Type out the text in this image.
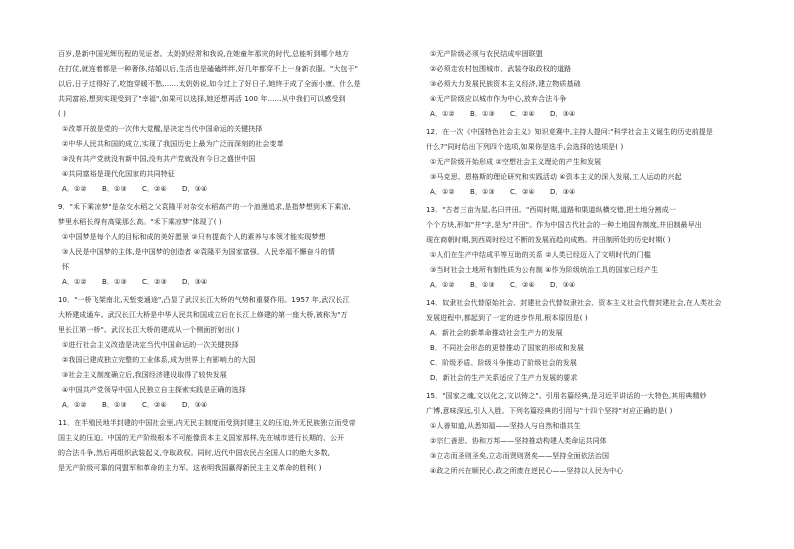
百岁,是新中国光辉历程的见证者。太奶奶经常和我说,在她童年那灾的时代,总能听到哪个地方
在打仗,就连着都是一种奢侈,结婚以后,生活也是磕磕绊绊,好几年都穿不上一身新衣服。"大包干"
以后,日子过得好了,吃饱穿暖不愁,……太奶奶说,如今过上了好日子,她终于成了全面小康、什么是
共同富裕,想到实现受到了"幸福",如果可以选择,她还想再活 100 年……从中我们可以感受到
( )
①改革开放是党的一次伟大觉醒,是决定当代中国命运的关键抉择
②中华人民共和国的成立,实现了我国历史上最为广泛而深刻的社会变革
③没有共产党就没有新中国,没有共产党就没有今日之盛世中国
④共同富裕是现代化国家的共同特征
A．①②	B．①③	C．②④	D．③④
9．"禾下乘凉梦"是杂交水稻之父袁隆平对杂交水稻高产的一个浪漫追求,是指梦想到禾下乘凉,
梦里水稻长得有高粱那么高。"禾下乘凉梦"体现了( )
①中国梦是每个人的目标和成的美好愿景 ②只有提高个人的素养与本领才能实现梦想
③人民是中国梦的主体,是中国梦的创造者 ④袁隆平为国家富强、人民幸福不懈奋斗的情
怀
A．①②	B．①③	C．②③	D．③④
10．"一桥飞架南北,天堑变通途",凸显了武汉长江大桥的气势和重要作用。1957 年,武汉长江
大桥建成通车。武汉长江大桥是中华人民共和国成立后在长江上修建的第一座大桥,被称为"万
里长江第一桥"。武汉长江大桥的建成从一个侧面折射出( )
①进行社会主义改造是决定当代中国命运的一次关键抉择
②我国已建成独立完整的工业体系,成为世界上有影响力的大国
③社会主义制度确立后,我国经济建设取得了较快发展
④中国共产党领导中国人民独立自主探索实践是正确的选择
A．①②	B．①③	C．②④	D．③④
11．在半殖民地半封建的中国社会里,内无民主制度而受到封建主义的压迫,外无民族独立而受帝
国主义的压迫。中国的无产阶级根本不可能像资本主义国家那样,先在城市进行长期的、公开
的合法斗争,然后再组织武装起义,夺取政权。同时,近代中国农民占全国人口的绝大多数,
是无产阶级可靠的同盟军和革命的主力军。这表明我国赢得新民主主义革命的胜利( )
①无产阶级必须与农民结成牢固联盟
②必须走农村包围城市、武装夺取政权的道路
③必须大力发展民族资本主义经济,建立物质基础
④无产阶级应以城市作为中心,放弃合法斗争
A．①②	B．①③	C．②④	D．③④
12．在一次《中国特色社会主义》知识竞赛中,主持人提问:"科学社会主义诞生的历史前提是
什么?"同时给出下列四个选项,如果你是选手,会选择的选项是( )
①无产阶级开始形成 ②空想社会主义理论的产生和发展
③马克思、恩格斯的理论研究和实践活动 ④资本主义的深入发展,工人运动的兴起
A．①②	B．①③	C．②④	D．③④
13．"古者三亩为屋,名曰井田。"西周时期,道路和渠道纵横交错,把土地分割成一
个个方块,形如"井"字,是为"井田"。作为中国古代社会的一种土地国有制度,井田制最早出
现在商朝时期,到西周时经过不断的发展而趋向成熟。井田制所处的历史时期( )
①人们在生产中结成平等互助的关系 ②人类已经迈入了文明时代的门槛
③当时社会土地所有制性质为公有制 ④作为阶级统治工具的国家已经产生
A．①②	B．①③	C．②④	D．③④
14．奴隶社会代替原始社会、封建社会代替奴隶社会、资本主义社会代替封建社会,在人类社会
发展进程中,都起到了一定的进步作用,根本原因是( )
A．新社会的新革命推动社会生产力的发展
B．不同社会形态的更替推动了国家的形成和发展
C．阶级矛盾、阶级斗争推动了阶级社会的发展
D．新社会的生产关系适应了生产力发展的要求
15．"国家之魂,文以化之,文以铸之"。引用名篇经典,是习近平讲话的一大特色,其用典精妙
广博,意味深远,引人入胜。下列名篇经典的引用与"十四个坚持"对应正确的是( )
①人善知道,从悉知福——坚持人与自然和谐共生
②宗仁善思、协和万邦——坚持推动构建人类命运共同体
③立志而圣则圣矣,立志而贤则贤矣——坚持全面依法治国
④政之所兴在顺民心,政之所废在逆民心——坚持以人民为中心
